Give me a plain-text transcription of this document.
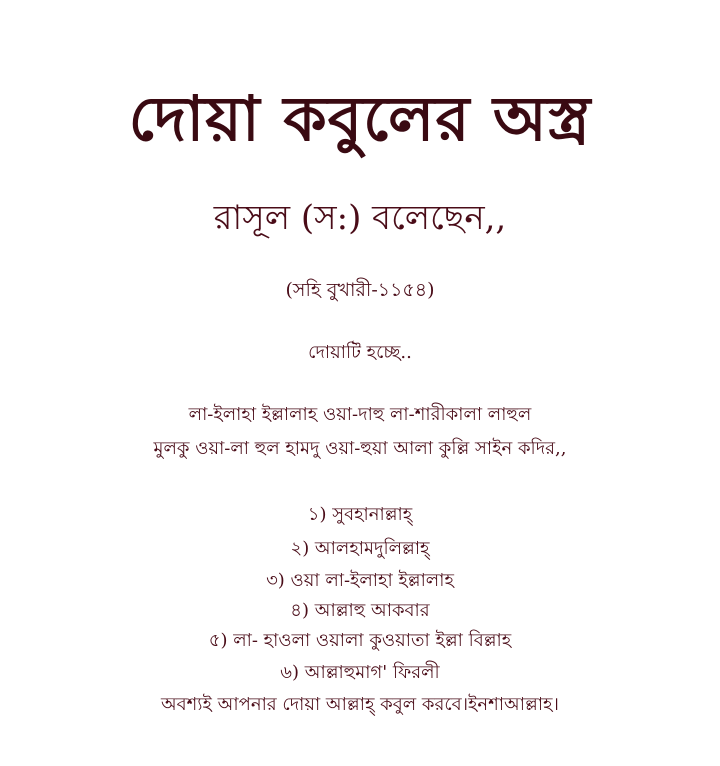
দোয়া কবুলের অস্ত্র
রাসূল (স:) বলেছেন,,
(সহি বুখারী-১১৫৪)
দোয়াটি হচ্ছে..
লা-ইলাহা ইল্লালাহ ওয়া-দাহু লা-শারীকালা লাহুল
মুলকু ওয়া-লা হুল হামদু ওয়া-হুয়া আলা কুল্লি সাইন কদির,,
১) সুবহানাল্লাহ্
২) আলহামদুলিল্লাহ্
৩) ওয়া লা-ইলাহা ইল্লালাহ
৪) আল্লাহু আকবার
৫) লা- হাওলা ওয়ালা কুওয়াতা ইল্লা বিল্লাহ
৬) আল্লাহুমাগ' ফিরলী
অবশ্যই আপনার দোয়া আল্লাহ্ কবুল করবে।ইনশাআল্লাহ।
